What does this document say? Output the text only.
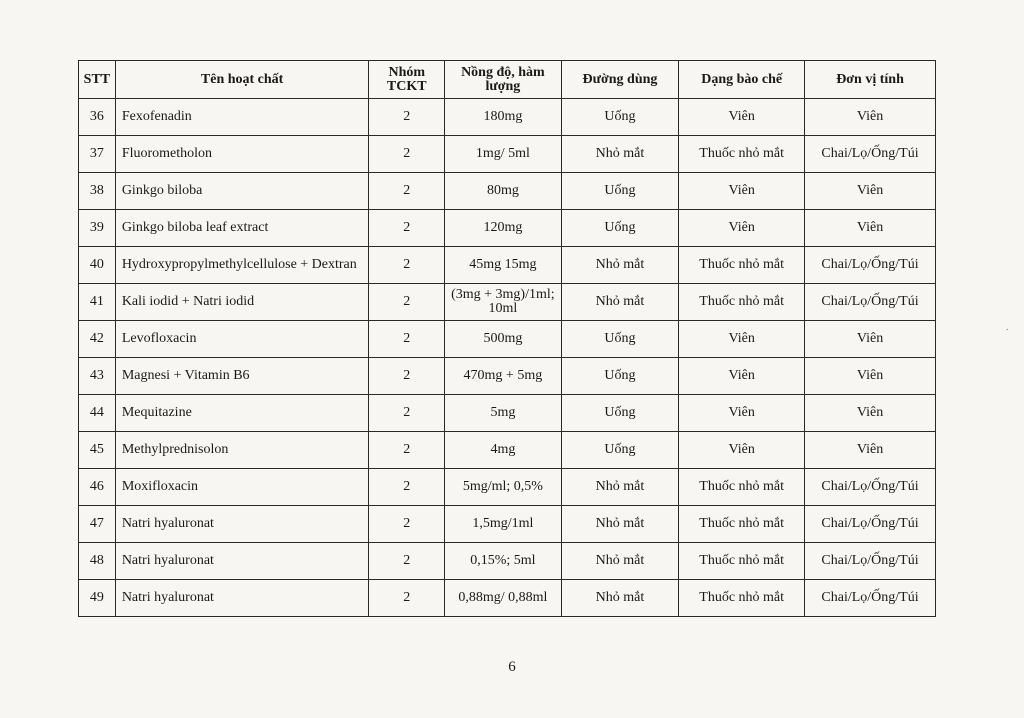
STT	Tên hoạt chất	Nhóm TCKT	Nồng độ, hàm lượng	Đường dùng	Dạng bào chế	Đơn vị tính
36	Fexofenadin	2	180mg	Uống	Viên	Viên
37	Fluorometholon	2	1mg/ 5ml	Nhỏ mắt	Thuốc nhỏ mắt	Chai/Lọ/Ống/Túi
38	Ginkgo biloba	2	80mg	Uống	Viên	Viên
39	Ginkgo biloba leaf extract	2	120mg	Uống	Viên	Viên
40	Hydroxypropylmethylcellulose + Dextran	2	45mg 15mg	Nhỏ mắt	Thuốc nhỏ mắt	Chai/Lọ/Ống/Túi
41	Kali iodid + Natri iodid	2	(3mg + 3mg)/1ml; 10ml	Nhỏ mắt	Thuốc nhỏ mắt	Chai/Lọ/Ống/Túi
42	Levofloxacin	2	500mg	Uống	Viên	Viên
43	Magnesi + Vitamin B6	2	470mg + 5mg	Uống	Viên	Viên
44	Mequitazine	2	5mg	Uống	Viên	Viên
45	Methylprednisolon	2	4mg	Uống	Viên	Viên
46	Moxifloxacin	2	5mg/ml; 0,5%	Nhỏ mắt	Thuốc nhỏ mắt	Chai/Lọ/Ống/Túi
47	Natri hyaluronat	2	1,5mg/1ml	Nhỏ mắt	Thuốc nhỏ mắt	Chai/Lọ/Ống/Túi
48	Natri hyaluronat	2	0,15%; 5ml	Nhỏ mắt	Thuốc nhỏ mắt	Chai/Lọ/Ống/Túi
49	Natri hyaluronat	2	0,88mg/ 0,88ml	Nhỏ mắt	Thuốc nhỏ mắt	Chai/Lọ/Ống/Túi
6
.
